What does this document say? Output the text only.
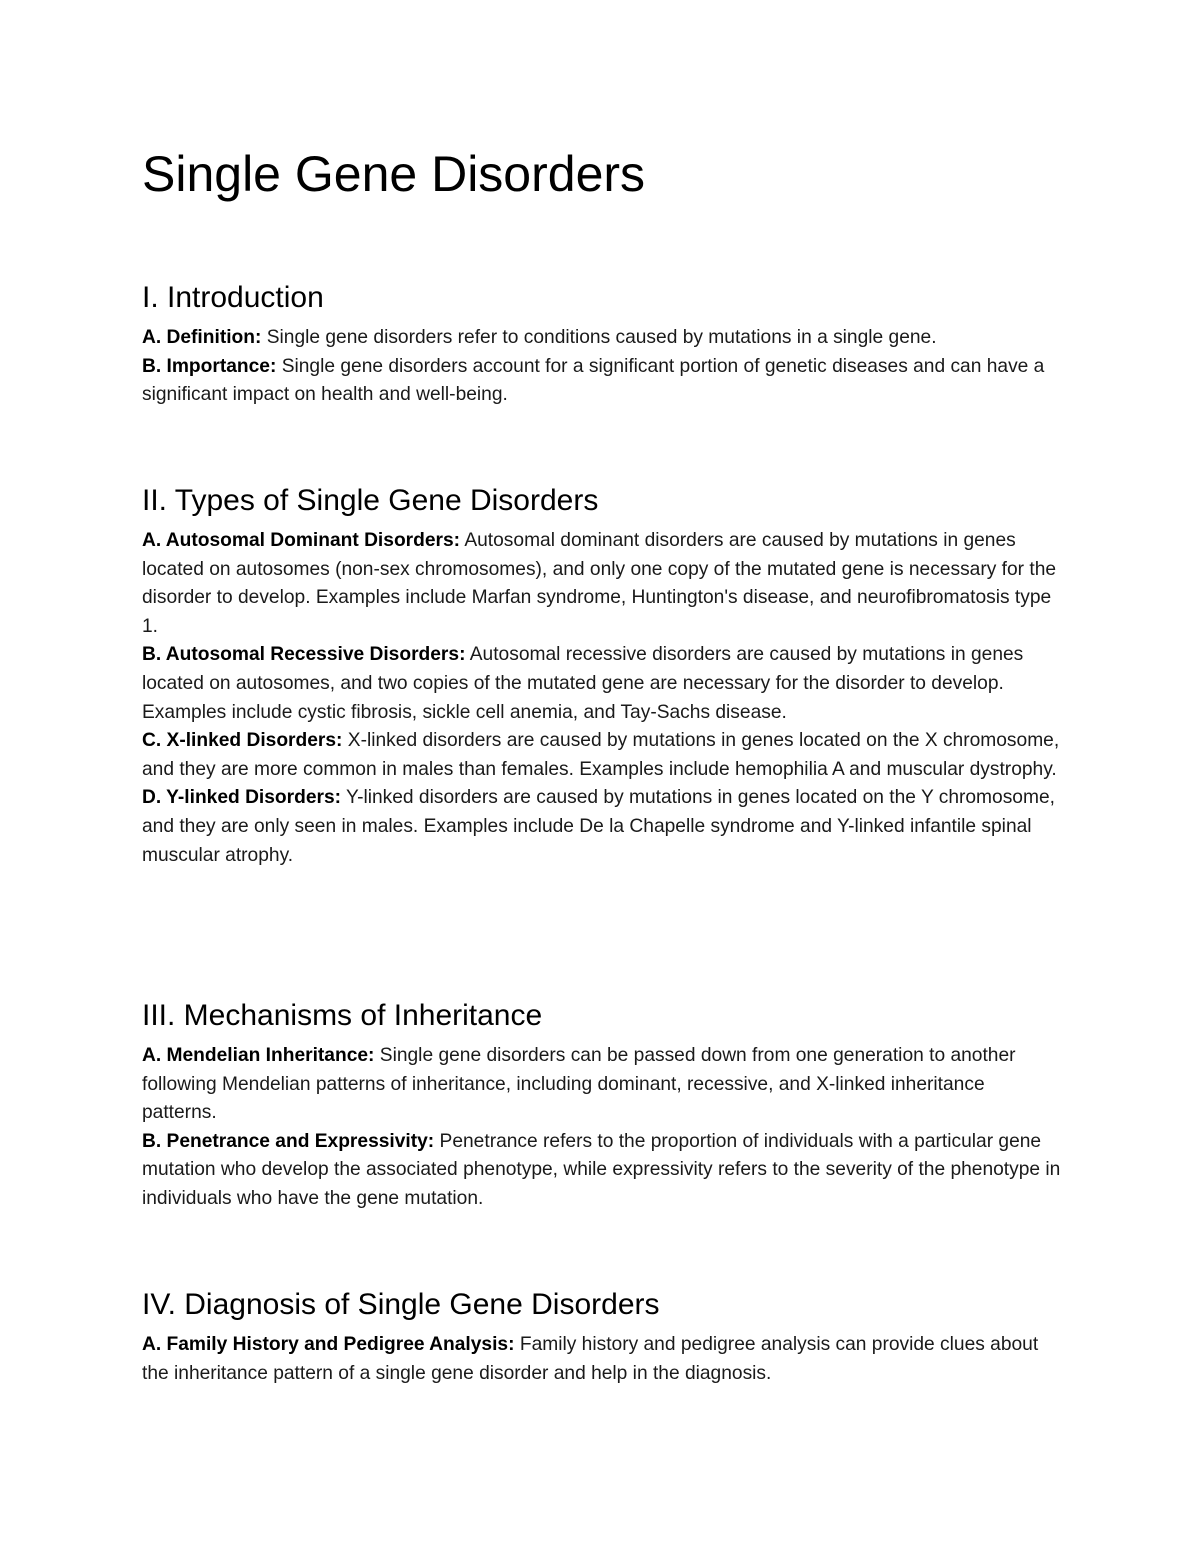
Single Gene Disorders
I. Introduction

A. Definition: Single gene disorders refer to conditions caused by mutations in a single gene.
B. Importance: Single gene disorders account for a significant portion of genetic diseases and can have a significant impact on health and well-being.

II. Types of Single Gene Disorders

A. Autosomal Dominant Disorders: Autosomal dominant disorders are caused by mutations in genes located on autosomes (non-sex chromosomes), and only one copy of the mutated gene is necessary for the disorder to develop. Examples include Marfan syndrome, Huntington's disease, and neurofibromatosis type 1.
B. Autosomal Recessive Disorders: Autosomal recessive disorders are caused by mutations in genes located on autosomes, and two copies of the mutated gene are necessary for the disorder to develop. Examples include cystic fibrosis, sickle cell anemia, and Tay-Sachs disease.
C. X-linked Disorders: X-linked disorders are caused by mutations in genes located on the X chromosome, and they are more common in males than females. Examples include hemophilia A and muscular dystrophy.
D. Y-linked Disorders: Y-linked disorders are caused by mutations in genes located on the Y chromosome, and they are only seen in males. Examples include De la Chapelle syndrome and Y-linked infantile spinal muscular atrophy.

III. Mechanisms of Inheritance

A. Mendelian Inheritance: Single gene disorders can be passed down from one generation to another following Mendelian patterns of inheritance, including dominant, recessive, and X-linked inheritance patterns.
B. Penetrance and Expressivity: Penetrance refers to the proportion of individuals with a particular gene mutation who develop the associated phenotype, while expressivity refers to the severity of the phenotype in individuals who have the gene mutation.

IV. Diagnosis of Single Gene Disorders

A. Family History and Pedigree Analysis: Family history and pedigree analysis can provide clues about the inheritance pattern of a single gene disorder and help in the diagnosis.
